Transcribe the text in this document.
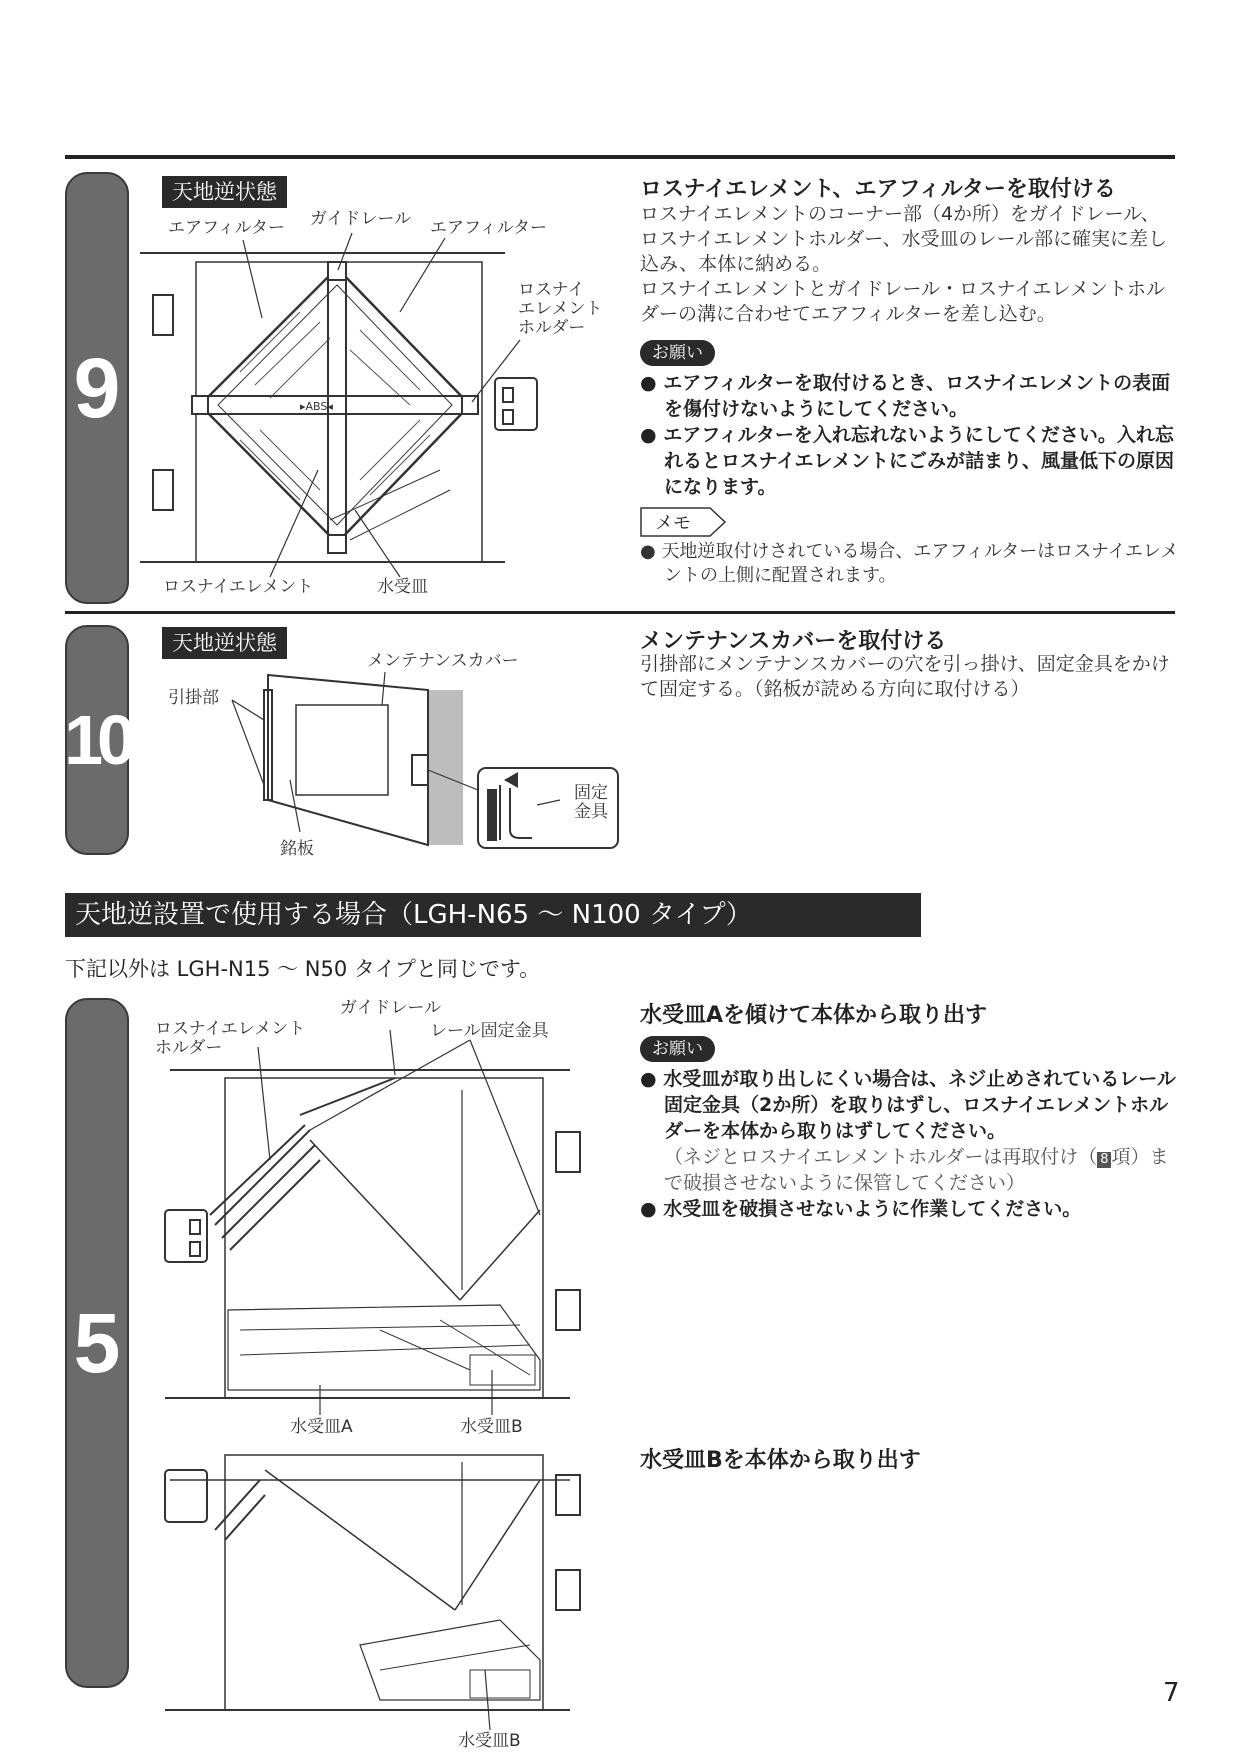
9
天地逆状態
▸ABS◂
エアフィルター ガイドレール エアフィルター
ロスナイ
エレメント
ホルダー
ロスナイエレメント	水受皿
ロスナイエレメント、エアフィルターを取付ける
ロスナイエレメントのコーナー部（4か所）をガイドレール、ロスナイエレメントホルダー、水受皿のレール部に確実に差し込み、本体に納める。
ロスナイエレメントとガイドレール・ロスナイエレメントホルダーの溝に合わせてエアフィルターを差し込む。
お願い
● エアフィルターを取付けるとき、ロスナイエレメントの表面を傷付けないようにしてください。
● エアフィルターを入れ忘れないようにしてください。入れ忘れるとロスナイエレメントにごみが詰まり、風量低下の原因になります。
メモ
● 天地逆取付けされている場合、エアフィルターはロスナイエレメントの上側に配置されます。
10
天地逆状態
メンテナンスカバー
引掛部
銘板
固定
金具
メンテナンスカバーを取付ける
引掛部にメンテナンスカバーの穴を引っ掛け、固定金具をかけて固定する。（銘板が読める方向に取付ける）
天地逆設置で使用する場合（LGH-N65 ～ N100 タイプ）
下記以外は LGH-N15 ～ N50 タイプと同じです。
5
ロスナイエレメント
ホルダー
ガイドレール
レール固定金具
水受皿A	水受皿B
水受皿B
水受皿Aを傾けて本体から取り出す
お願い
● 水受皿が取り出しにくい場合は、ネジ止めされているレール固定金具（2か所）を取りはずし、ロスナイエレメントホルダーを本体から取りはずしてください。
（ネジとロスナイエレメントホルダーは再取付け（ 8 項）まで破損させないように保管してください）
● 水受皿を破損させないように作業してください。
水受皿Bを本体から取り出す
7
